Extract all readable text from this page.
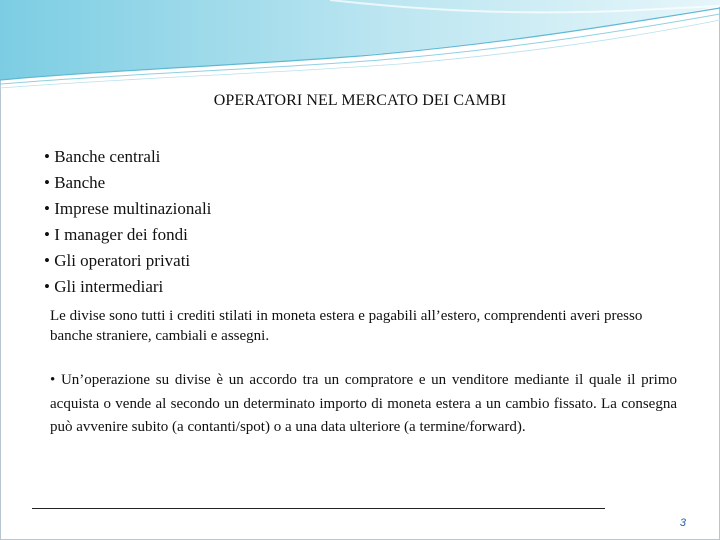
OPERATORI NEL MERCATO DEI CAMBI
• Banche centrali
• Banche
• Imprese multinazionali
• I manager dei fondi
• Gli operatori privati
• Gli intermediari
Le divise sono tutti i crediti stilati in moneta estera e pagabili all’estero, comprendenti averi presso banche straniere, cambiali e assegni.
• Un’operazione su divise è un accordo tra un compratore e un venditore mediante il quale il primo acquista o vende al secondo un determinato importo di moneta estera a un cambio fissato. La consegna può avvenire subito (a contanti/spot) o a una data ulteriore (a termine/forward).
3
